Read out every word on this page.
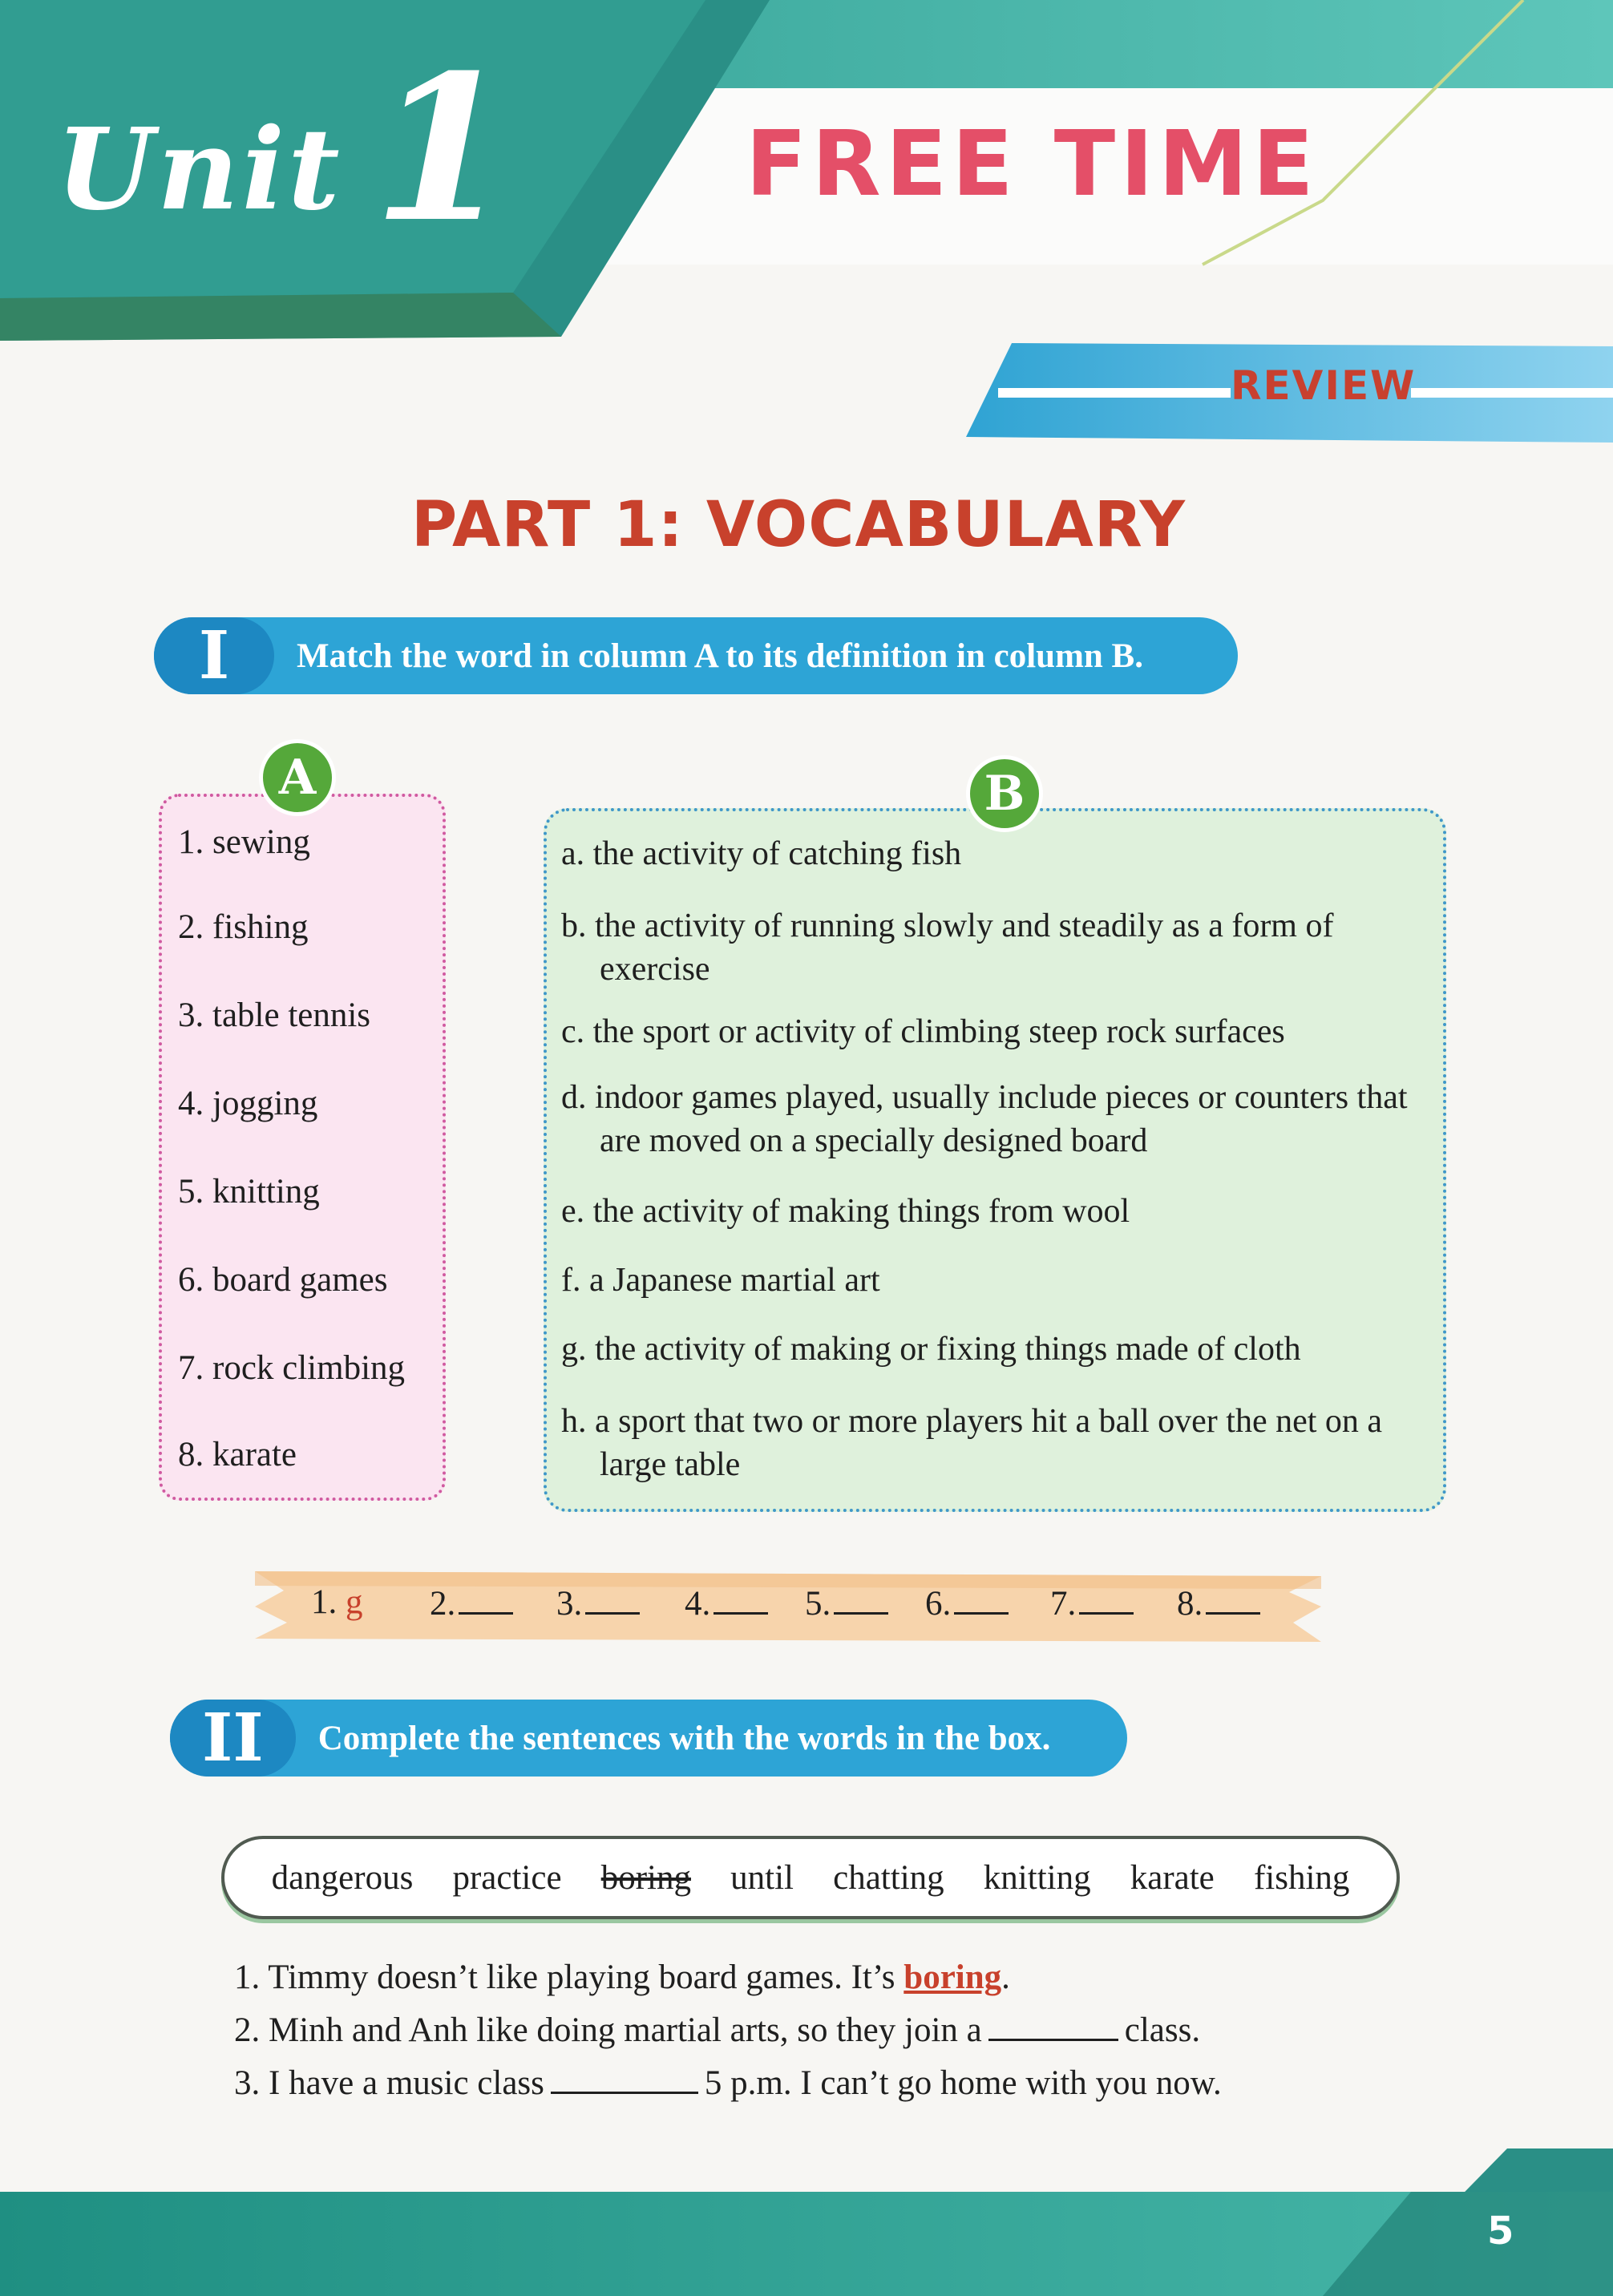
Unit 1	FREE TIME
REVIEW
PART 1: VOCABULARY
I	Match the word in column A to its definition in column B.
1. sewing
2. fishing
3. table tennis
4. jogging
5. knitting
6. board games
7. rock climbing
8. karate
A
a. the activity of catching fish
b. the activity of running slowly and steadily as a form of exercise
c. the sport or activity of climbing steep rock surfaces
d. indoor games played, usually include pieces or counters that are moved on a specially designed board
e. the activity of making things from wool
f. a Japanese martial art
g. the activity of making or fixing things made of cloth
h. a sport that two or more players hit a ball over the net on a large table
B
1. g 2.	3.	4.	5.	6.	7.	8.
II	Complete the sentences with the words in the box.
dangerous practice boring until chatting knitting karate fishing
1. Timmy doesn’t like playing board games. It’s boring.
2. Minh and Anh like doing martial arts, so they join a	class.
3. I have a music class	5 p.m. I can’t go home with you now.
5
